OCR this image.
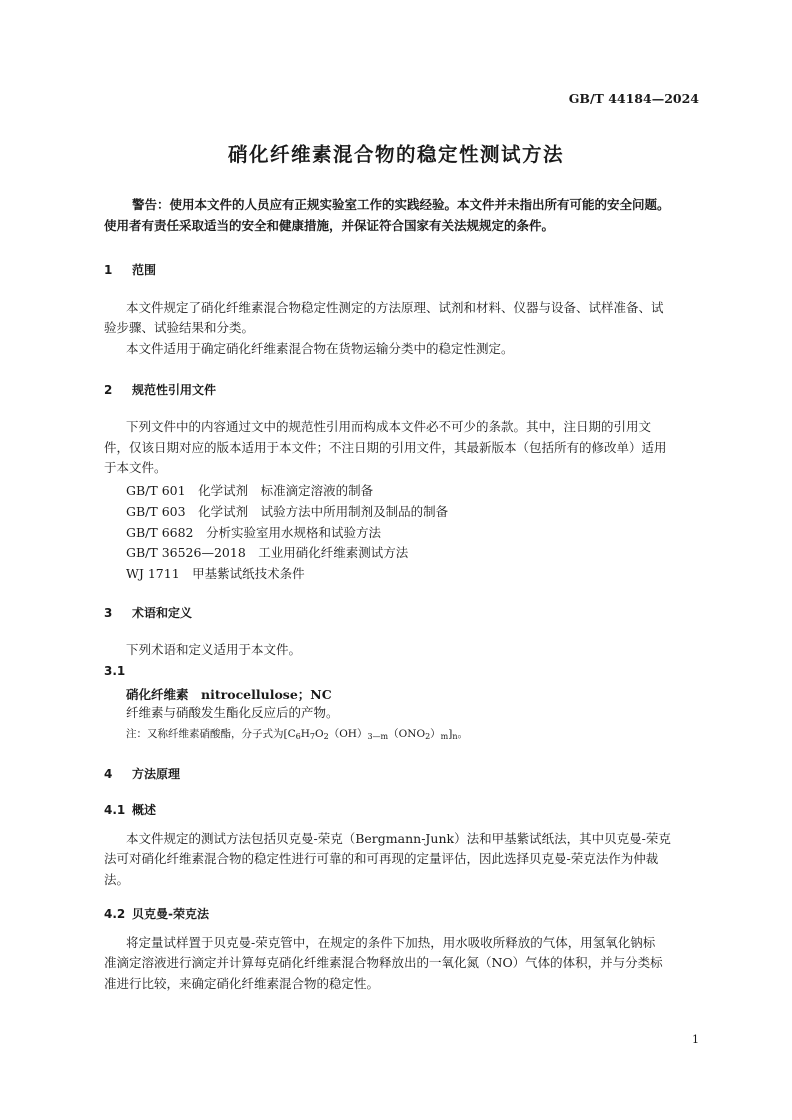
GB/T 44184—2024
硝化纤维素混合物的稳定性测试方法
警告：使用本文件的人员应有正规实验室工作的实践经验。本文件并未指出所有可能的安全问题。
使用者有责任采取适当的安全和健康措施，并保证符合国家有关法规规定的条件。
1 范围
本文件规定了硝化纤维素混合物稳定性测定的方法原理、试剂和材料、仪器与设备、试样准备、试
验步骤、试验结果和分类。
本文件适用于确定硝化纤维素混合物在货物运输分类中的稳定性测定。
2 规范性引用文件
下列文件中的内容通过文中的规范性引用而构成本文件必不可少的条款。其中，注日期的引用文
件，仅该日期对应的版本适用于本文件；不注日期的引用文件，其最新版本（包括所有的修改单）适用
于本文件。
GB/T 601　 化学试剂　标准滴定溶液的制备
GB/T 603　 化学试剂　试验方法中所用制剂及制品的制备
GB/T 6682　 分析实验室用水规格和试验方法
GB/T 36526—2018　 工业用硝化纤维素测试方法
WJ 1711　 甲基紫试纸技术条件
3 术语和定义
下列术语和定义适用于本文件。
3.1
硝化纤维素　 nitrocellulose；NC
纤维素与硝酸发生酯化反应后的产物。
注：又称纤维素硝酸酯，分子式为$[C_6H_7O_2(OH)_{3—m}(ONO_2)_m]_n$。
4 方法原理
4.1 概述
本文件规定的测试方法包括贝克曼-荣克（Bergmann-Junk）法和甲基紫试纸法，其中贝克曼-荣克
法可对硝化纤维素混合物的稳定性进行可靠的和可再现的定量评估，因此选择贝克曼-荣克法作为仲裁
法。
4.2 贝克曼-荣克法
将定量试样置于贝克曼-荣克管中，在规定的条件下加热，用水吸收所释放的气体，用氢氧化钠标
准滴定溶液进行滴定并计算每克硝化纤维素混合物释放出的一氧化氮（NO）气体的体积，并与分类标
准进行比较，来确定硝化纤维素混合物的稳定性。
1
